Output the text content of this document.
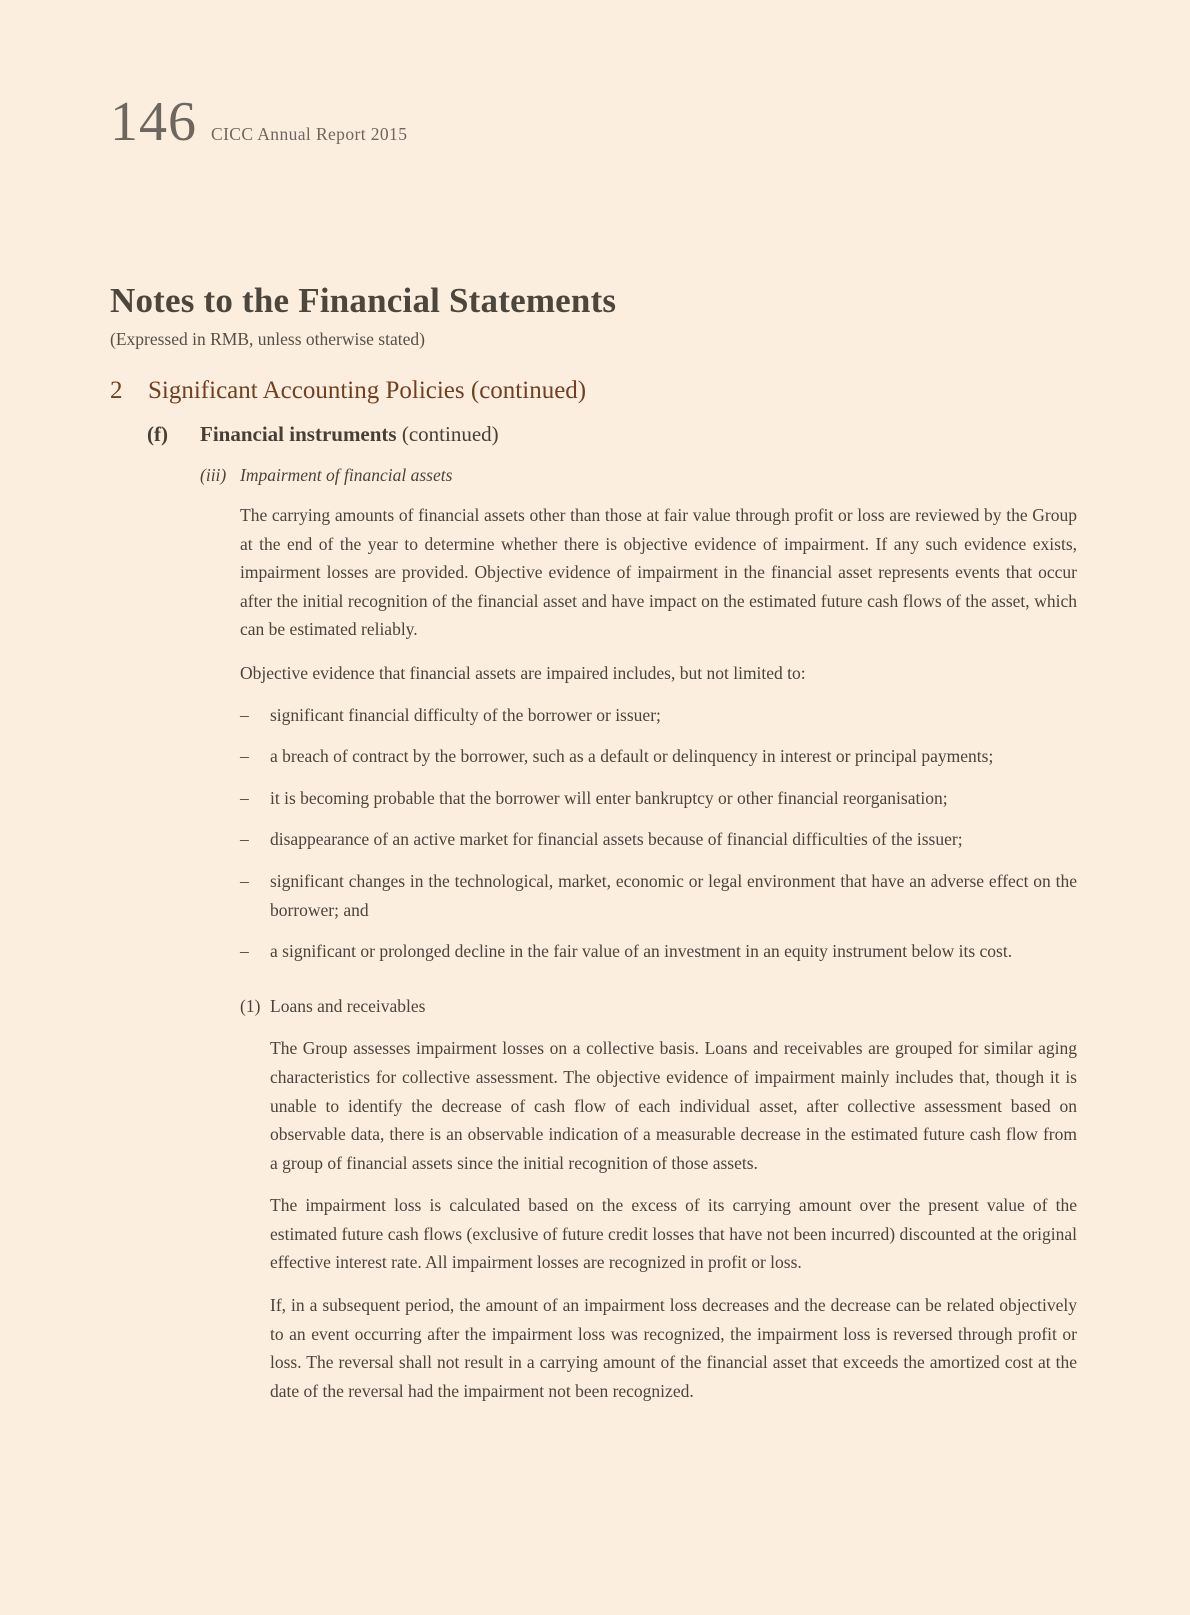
146 CICC Annual Report 2015
Notes to the Financial Statements
(Expressed in RMB, unless otherwise stated)
2	Significant Accounting Policies (continued)
(f)	Financial instruments (continued)
(iii) Impairment of financial assets

The carrying amounts of financial assets other than those at fair value through profit or loss are reviewed by the Group at the end of the year to determine whether there is objective evidence of impairment. If any such evidence exists, impairment losses are provided. Objective evidence of impairment in the financial asset represents events that occur after the initial recognition of the financial asset and have impact on the estimated future cash flows of the asset, which can be estimated reliably.

Objective evidence that financial assets are impaired includes, but not limited to:

–	significant financial difficulty of the borrower or issuer;
–	a breach of contract by the borrower, such as a default or delinquency in interest or principal payments;
–	it is becoming probable that the borrower will enter bankruptcy or other financial reorganisation;
–	disappearance of an active market for financial assets because of financial difficulties of the issuer;
–	significant changes in the technological, market, economic or legal environment that have an adverse effect on the borrower; and
–	a significant or prolonged decline in the fair value of an investment in an equity instrument below its cost.
(1) Loans and receivables

The Group assesses impairment losses on a collective basis. Loans and receivables are grouped for similar aging characteristics for collective assessment. The objective evidence of impairment mainly includes that, though it is unable to identify the decrease of cash flow of each individual asset, after collective assessment based on observable data, there is an observable indication of a measurable decrease in the estimated future cash flow from a group of financial assets since the initial recognition of those assets.

The impairment loss is calculated based on the excess of its carrying amount over the present value of the estimated future cash flows (exclusive of future credit losses that have not been incurred) discounted at the original effective interest rate. All impairment losses are recognized in profit or loss.

If, in a subsequent period, the amount of an impairment loss decreases and the decrease can be related objectively to an event occurring after the impairment loss was recognized, the impairment loss is reversed through profit or loss. The reversal shall not result in a carrying amount of the financial asset that exceeds the amortized cost at the date of the reversal had the impairment not been recognized.
